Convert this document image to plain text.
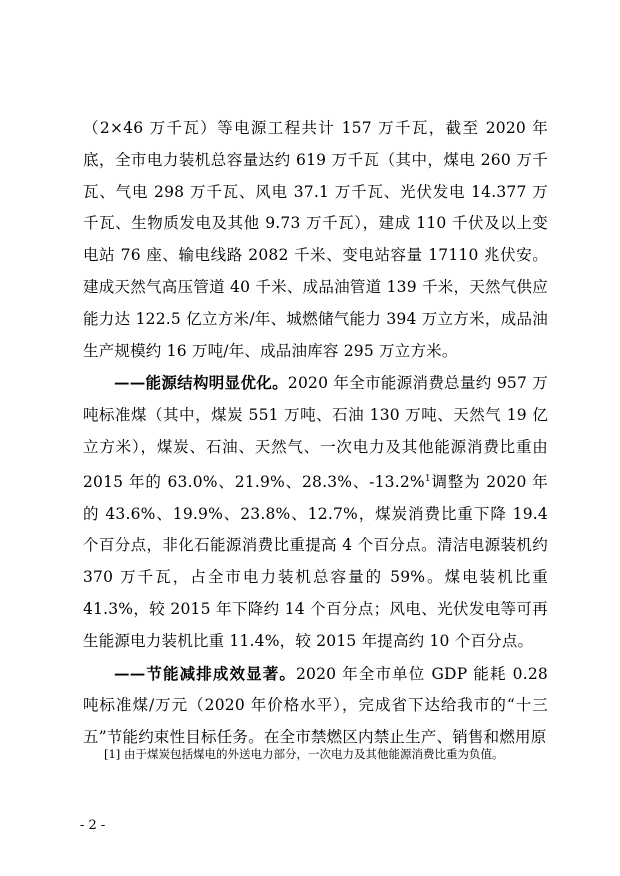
（2×46 万千瓦）等电源工程共计 157 万千瓦，截至 2020 年底，全市电力装机总容量达约 619 万千瓦（其中，煤电 260 万千瓦、气电 298 万千瓦、风电 37.1 万千瓦、光伏发电 14.377 万千瓦、生物质发电及其他 9.73 万千瓦），建成 110 千伏及以上变电站 76 座、输电线路 2082 千米、变电站容量 17110 兆伏安。建成天然气高压管道 40 千米、成品油管道 139 千米，天然气供应能力达 122.5 亿立方米/年、城燃储气能力 394 万立方米，成品油生产规模约 16 万吨/年、成品油库容 295 万立方米。

——能源结构明显优化。2020 年全市能源消费总量约 957 万吨标准煤（其中，煤炭 551 万吨、石油 130 万吨、天然气 19 亿立方米），煤炭、石油、天然气、一次电力及其他能源消费比重由 2015 年的 63.0%、21.9%、28.3%、-13.2%$^1$调整为 2020 年的 43.6%、19.9%、23.8%、12.7%，煤炭消费比重下降 19.4 个百分点，非化石能源消费比重提高 4 个百分点。清洁电源装机约 370 万千瓦，占全市电力装机总容量的 59%。煤电装机比重 41.3%，较 2015 年下降约 14 个百分点；风电、光伏发电等可再生能源电力装机比重 11.4%，较 2015 年提高约 10 个百分点。

——节能减排成效显著。2020 年全市单位 GDP 能耗 0.28 吨标准煤/万元（2020 年价格水平），完成省下达给我市的“十三五”节能约束性目标任务。在全市禁燃区内禁止生产、销售和燃用原

[1] 由于煤炭包括煤电的外送电力部分，一次电力及其他能源消费比重为负值。
- 2 -
